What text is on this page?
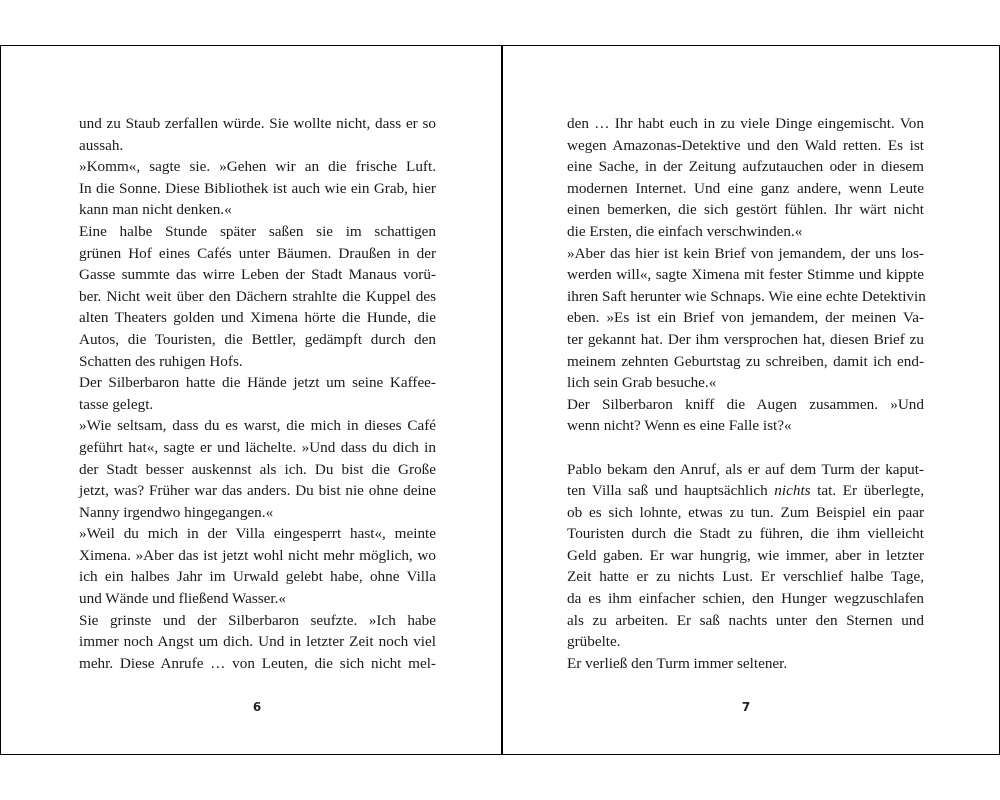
und zu Staub zerfallen würde. Sie wollte nicht, dass er so
aussah.
»Komm«, sagte sie. »Gehen wir an die frische Luft.
In die Sonne. Diese Bibliothek ist auch wie ein Grab, hier
kann man nicht denken.«
Eine halbe Stunde später saßen sie im schattigen
grünen Hof eines Cafés unter Bäumen. Draußen in der
Gasse summte das wirre Leben der Stadt Manaus vorü-
ber. Nicht weit über den Dächern strahlte die Kuppel des
alten Theaters golden und Ximena hörte die Hunde, die
Autos, die Touristen, die Bettler, gedämpft durch den
Schatten des ruhigen Hofs.
Der Silberbaron hatte die Hände jetzt um seine Kaffee-
tasse gelegt.
»Wie seltsam, dass du es warst, die mich in dieses Café
geführt hat«, sagte er und lächelte. »Und dass du dich in
der Stadt besser auskennst als ich. Du bist die Große
jetzt, was? Früher war das anders. Du bist nie ohne deine
Nanny irgendwo hingegangen.«
»Weil du mich in der Villa eingesperrt hast«, meinte
Ximena. »Aber das ist jetzt wohl nicht mehr möglich, wo
ich ein halbes Jahr im Urwald gelebt habe, ohne Villa
und Wände und fließend Wasser.«
Sie grinste und der Silberbaron seufzte. »Ich habe
immer noch Angst um dich. Und in letzter Zeit noch viel
mehr. Diese Anrufe … von Leuten, die sich nicht mel-
6
den … Ihr habt euch in zu viele Dinge eingemischt. Von
wegen Amazonas-Detektive und den Wald retten. Es ist
eine Sache, in der Zeitung aufzutauchen oder in diesem
modernen Internet. Und eine ganz andere, wenn Leute
einen bemerken, die sich gestört fühlen. Ihr wärt nicht
die Ersten, die einfach verschwinden.«
»Aber das hier ist kein Brief von jemandem, der uns los-
werden will«, sagte Ximena mit fester Stimme und kippte
ihren Saft herunter wie Schnaps. Wie eine echte Detektivin
eben. »Es ist ein Brief von jemandem, der meinen Va-
ter gekannt hat. Der ihm versprochen hat, diesen Brief zu
meinem zehnten Geburtstag zu schreiben, damit ich end-
lich sein Grab besuche.«
Der Silberbaron kniff die Augen zusammen. »Und
wenn nicht? Wenn es eine Falle ist?«
Pablo bekam den Anruf, als er auf dem Turm der kaput-
ten Villa saß und hauptsächlich nichts tat. Er überlegte,
ob es sich lohnte, etwas zu tun. Zum Beispiel ein paar
Touristen durch die Stadt zu führen, die ihm vielleicht
Geld gaben. Er war hungrig, wie immer, aber in letzter
Zeit hatte er zu nichts Lust. Er verschlief halbe Tage,
da es ihm einfacher schien, den Hunger wegzuschlafen
als zu arbeiten. Er saß nachts unter den Sternen und
grübelte.
Er verließ den Turm immer seltener.
7
